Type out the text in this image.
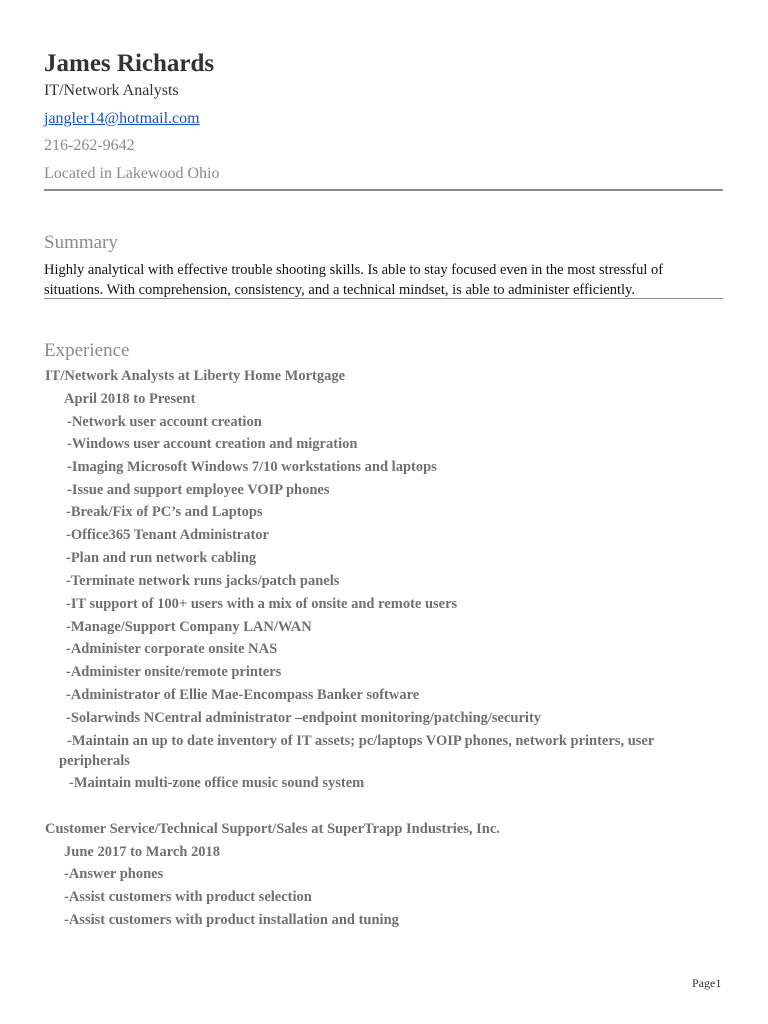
James Richards
IT/Network Analysts
jangler14@hotmail.com
216-262-9642
Located in Lakewood Ohio
Summary
Highly analytical with effective trouble shooting skills. Is able to stay focused even in the most stressful of situations. With comprehension, consistency, and a technical mindset, is able to administer efficiently.
Experience
IT/Network Analysts at Liberty Home Mortgage
April 2018 to Present
-Network user account creation
-Windows user account creation and migration
-Imaging Microsoft Windows 7/10 workstations and laptops
-Issue and support employee VOIP phones
-Break/Fix of PC’s and Laptops
-Office365 Tenant Administrator
-Plan and run network cabling
-Terminate network runs jacks/patch panels
-IT support of 100+ users with a mix of onsite and remote users
-Manage/Support Company LAN/WAN
-Administer corporate onsite NAS
-Administer onsite/remote printers
-Administrator of Ellie Mae-Encompass Banker software
-Solarwinds NCentral administrator –endpoint monitoring/patching/security
-Maintain an up to date inventory of IT assets; pc/laptops VOIP phones, network printers, user peripherals
-Maintain multi-zone office music sound system
Customer Service/Technical Support/Sales at SuperTrapp Industries, Inc.
June 2017 to March 2018
-Answer phones
-Assist customers with product selection
-Assist customers with product installation and tuning
Page1
